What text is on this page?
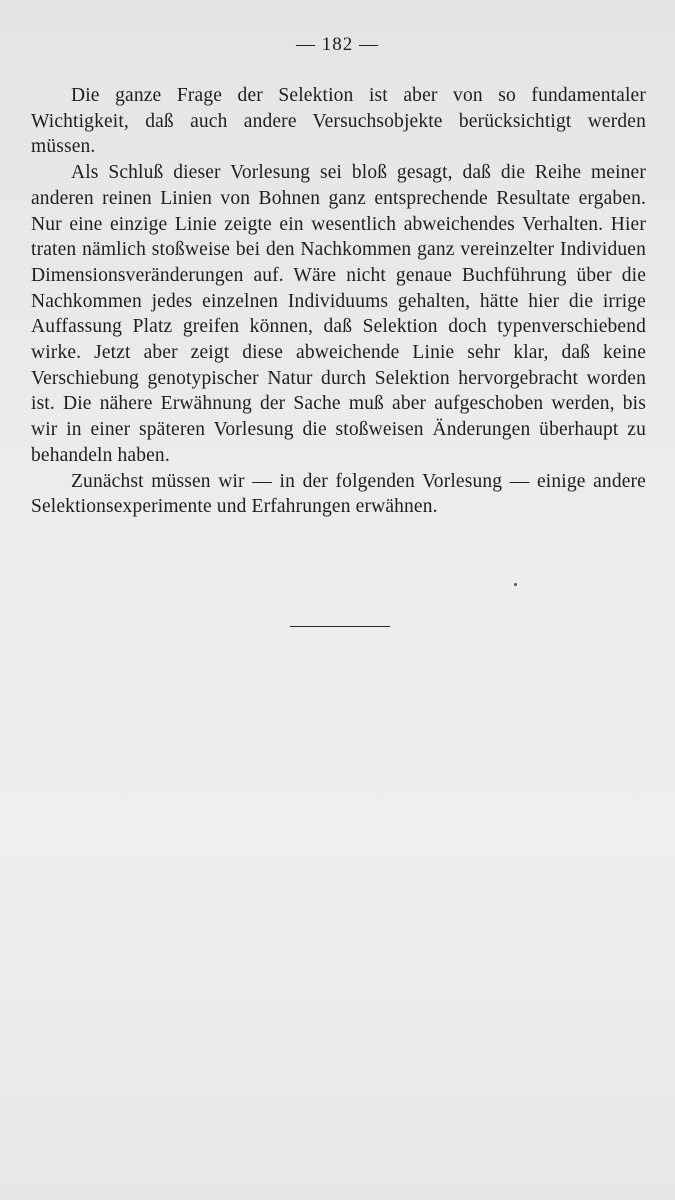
— 182 —

Die ganze Frage der Selektion ist aber von so fundamentaler Wichtigkeit, daß auch andere Versuchsobjekte berücksichtigt werden müssen.

Als Schluß dieser Vorlesung sei bloß gesagt, daß die Reihe meiner anderen reinen Linien von Bohnen ganz entsprechende Resultate ergaben. Nur eine einzige Linie zeigte ein wesentlich abweichendes Verhalten. Hier traten nämlich stoßweise bei den Nachkommen ganz vereinzelter Individuen Dimensionsveränderungen auf. Wäre nicht genaue Buchführung über die Nachkommen jedes einzelnen Individuums gehalten, hätte hier die irrige Auffassung Platz greifen können, daß Selektion doch typenverschiebend wirke. Jetzt aber zeigt diese abweichende Linie sehr klar, daß keine Verschiebung genotypischer Natur durch Selektion hervorgebracht worden ist. Die nähere Erwähnung der Sache muß aber aufgeschoben werden, bis wir in einer späteren Vorlesung die stoßweisen Änderungen überhaupt zu behandeln haben.

Zunächst müssen wir — in der folgenden Vorlesung — einige andere Selektionsexperimente und Erfahrungen erwähnen.
